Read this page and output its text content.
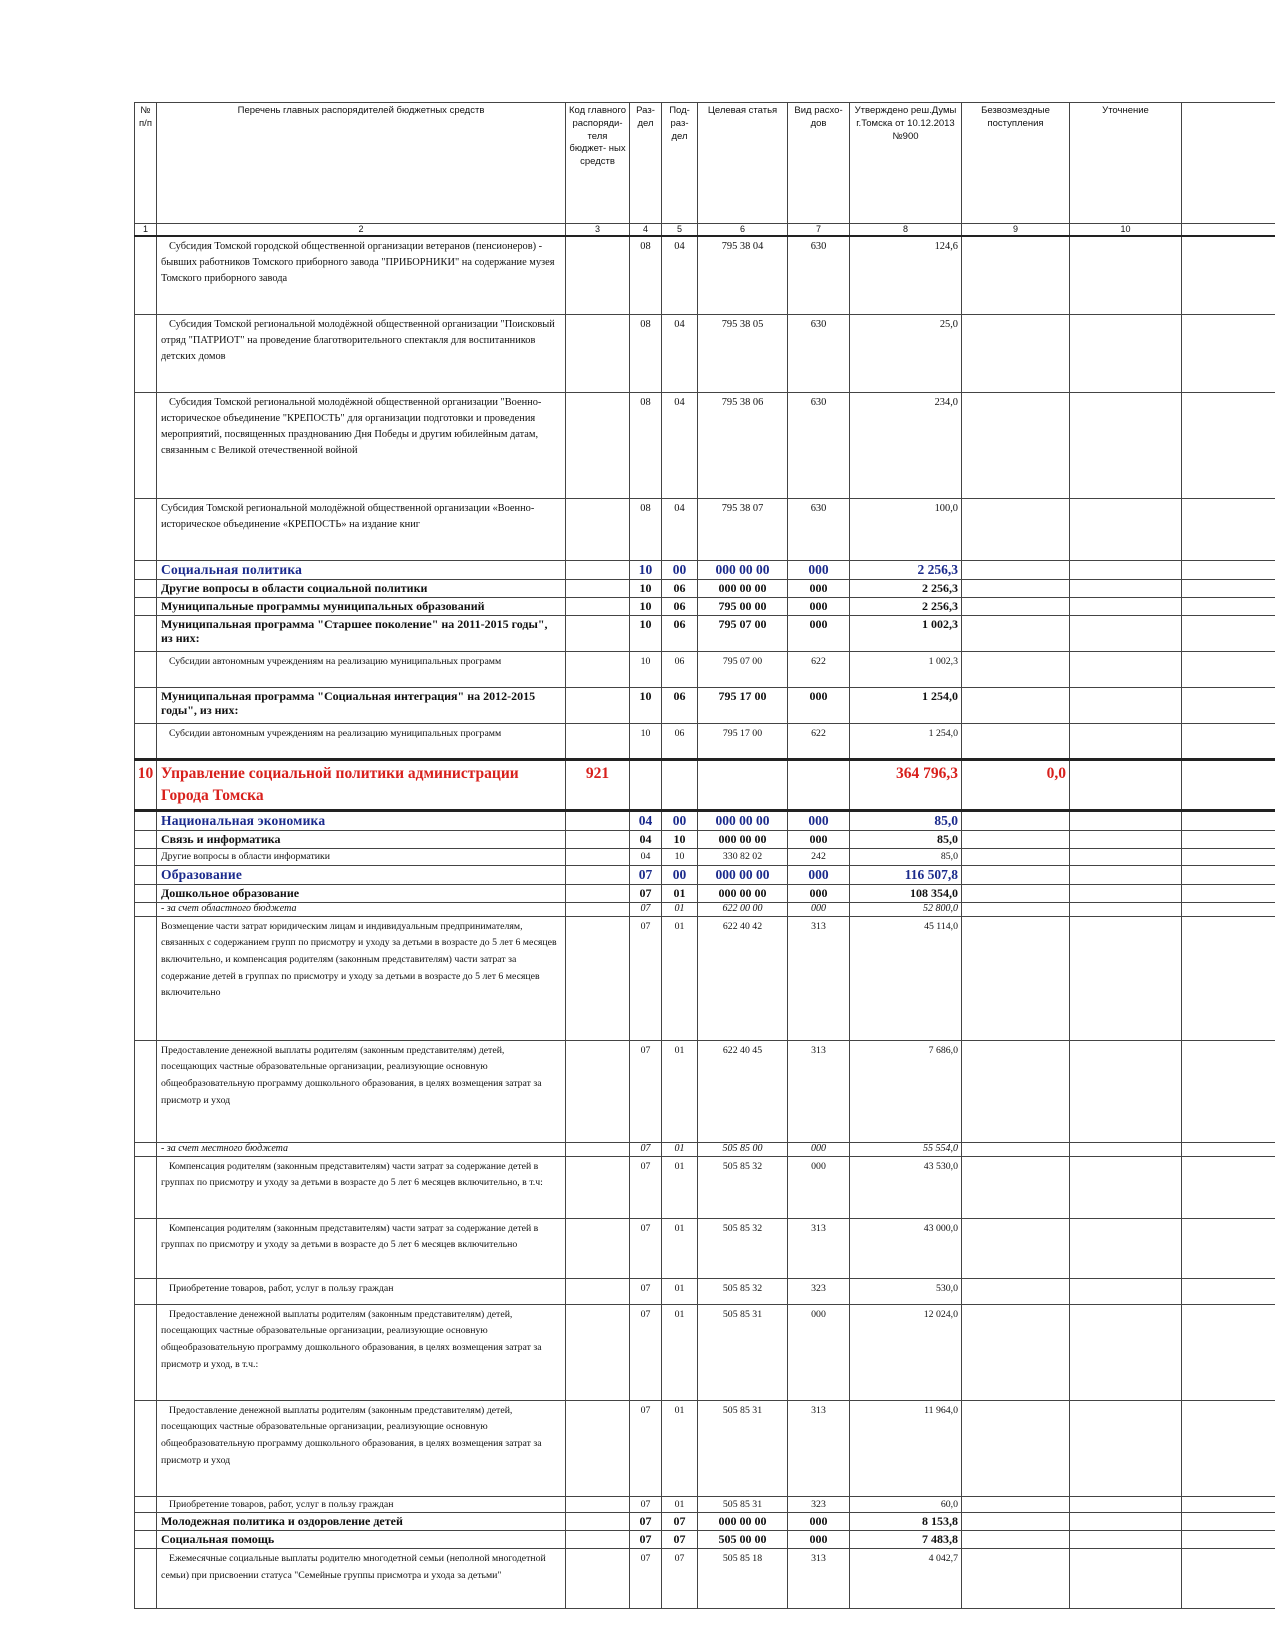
№ п/п	Перечень главных распорядителей бюджетных средств	Код главного распоряди- теля бюджет- ных средств	Раз- дел	Под- раз- дел	Целевая статья	Вид расхо- дов	Утверждено реш.Думы г.Томска от 10.12.2013 №900	Безвозмездные поступления	Уточнение	
1	2	3	4	5	6	7	8	9	10	
	Субсидия Томской городской общественной организации ветеранов (пенсионеров) - бывших работников Томского приборного завода "ПРИБОРНИКИ" на содержание музея Томского приборного завода		08	04	795 38 04	630	124,6			
	Субсидия Томской региональной молодёжной общественной организации "Поисковый отряд "ПАТРИОТ" на проведение благотворительного спектакля для воспитанников детских домов		08	04	795 38 05	630	25,0			
	Субсидия Томской региональной молодёжной общественной организации "Военно-историческое объединение "КРЕПОСТЬ" для организации подготовки и проведения мероприятий, посвященных празднованию Дня Победы и другим юбилейным датам, связанным с Великой отечественной войной		08	04	795 38 06	630	234,0			
	Субсидия Томской региональной молодёжной общественной организации «Военно-историческое объединение «КРЕПОСТЬ» на издание книг		08	04	795 38 07	630	100,0			
	Социальная политика		10	00	000 00 00	000	2 256,3			
	Другие вопросы в области социальной политики		10	06	000 00 00	000	2 256,3			
	Муниципальные программы муниципальных образований		10	06	795 00 00	000	2 256,3			
	Муниципальная программа "Старшее поколение" на 2011-2015 годы", из них:		10	06	795 07 00	000	1 002,3			
	Субсидии автономным учреждениям на реализацию муниципальных программ		10	06	795 07 00	622	1 002,3			
	Муниципальная программа "Социальная интеграция" на 2012-2015 годы", из них:		10	06	795 17 00	000	1 254,0			
	Субсидии автономным учреждениям на реализацию муниципальных программ		10	06	795 17 00	622	1 254,0			
10	Управление социальной политики администрации Города Томска	921					364 796,3	0,0		
	Национальная экономика		04	00	000 00 00	000	85,0			
	Связь и информатика		04	10	000 00 00	000	85,0			
	Другие вопросы в области информатики		04	10	330 82 02	242	85,0			
	Образование		07	00	000 00 00	000	116 507,8			
	Дошкольное образование		07	01	000 00 00	000	108 354,0			
	- за счет областного бюджета		07	01	622 00 00	000	52 800,0			
	Возмещение части затрат юридическим лицам и индивидуальным предпринимателям, связанных с содержанием групп по присмотру и уходу за детьми в возрасте до 5 лет 6 месяцев включительно, и компенсация родителям (законным представителям) части затрат за содержание детей в группах по присмотру и уходу за детьми в возрасте до 5 лет 6 месяцев включительно		07	01	622 40 42	313	45 114,0			
	Предоставление денежной выплаты родителям (законным представителям) детей, посещающих частные образовательные организации, реализующие основную общеобразовательную программу дошкольного образования, в целях возмещения затрат за присмотр и уход		07	01	622 40 45	313	7 686,0			
	- за счет местного бюджета		07	01	505 85 00	000	55 554,0			
	Компенсация родителям (законным представителям) части затрат за содержание детей в группах по присмотру и уходу за детьми в возрасте до 5 лет 6 месяцев включительно, в т.ч:		07	01	505 85 32	000	43 530,0			
	Компенсация родителям (законным представителям) части затрат за содержание детей в группах по присмотру и уходу за детьми в возрасте до 5 лет 6 месяцев включительно		07	01	505 85 32	313	43 000,0			
	Приобретение товаров, работ, услуг в пользу граждан		07	01	505 85 32	323	530,0			
	Предоставление денежной выплаты родителям (законным представителям) детей, посещающих частные образовательные организации, реализующие основную общеобразовательную программу дошкольного образования, в целях возмещения затрат за присмотр и уход, в т.ч.:		07	01	505 85 31	000	12 024,0			
	Предоставление денежной выплаты родителям (законным представителям) детей, посещающих частные образовательные организации, реализующие основную общеобразовательную программу дошкольного образования, в целях возмещения затрат за присмотр и уход		07	01	505 85 31	313	11 964,0			
	Приобретение товаров, работ, услуг в пользу граждан		07	01	505 85 31	323	60,0			
	Молодежная политика и оздоровление детей		07	07	000 00 00	000	8 153,8			
	Социальная помощь		07	07	505 00 00	000	7 483,8			
	Ежемесячные социальные выплаты родителю многодетной семьи (неполной многодетной семьи) при присвоении статуса "Семейные группы присмотра и ухода за детьми"		07	07	505 85 18	313	4 042,7			
